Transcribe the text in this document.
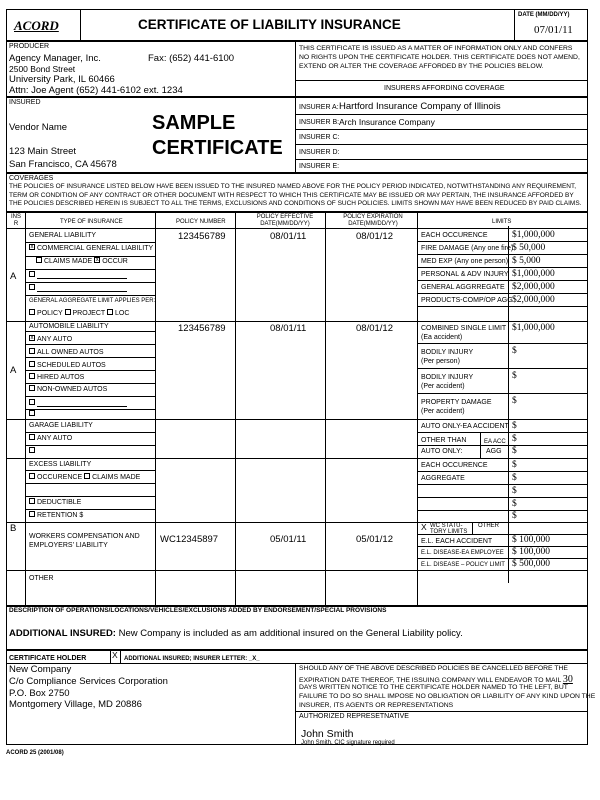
ACORD	CERTIFICATE OF LIABILITY INSURANCE
DATE (MM/DD/YY)
07/01/11
PRODUCER
Agency Manager, Inc.	Fax: (652) 441-6100
2500 Bond Street
University Park, IL 60466
Attn: Joe Agent (652) 441-6102 ext. 1234
THIS CERTIFICATE IS ISSUED AS A MATTER OF INFORMATION ONLY AND CONFERS NO RIGHTS UPON THE CERTIFICATE HOLDER. THIS CERTIFICATE DOES NOT AMEND, EXTEND OR ALTER THE COVERAGE AFFORDED BY THE POLICIES BELOW.
INSURERS AFFORDING COVERAGE
INSURED
Vendor Name
123 Main Street
San Francisco, CA 45678
SAMPLE
CERTIFICATE
INSURER A: Hartford Insurance Company of Illinois
INSURER B: Arch Insurance Company
INSURER C:
INSURER D:
INSURER E:
COVERAGES
THE POLICIES OF INSURANCE LISTED BELOW HAVE BEEN ISSUED TO THE INSURED NAMED ABOVE FOR THE POLICY PERIOD INDICATED, NOTWITHSTANDING ANY REQUIREMENT, TERM OR CONDITION OF ANY CONTRACT OR OTHER DOCUMENT WITH RESPECT TO WHICH THIS CERTIFICATE MAY BE ISSUED OR MAY PERTAIN, THE INSURANCE AFFORDED BY THE POLICIES DESCRIBED HEREIN IS SUBJECT TO ALL THE TERMS, EXCLUSIONS AND CONDITIONS OF SUCH POLICIES. LIMITS SHOWN MAY HAVE BEEN REDUCED BY PAID CLAIMS.
INS R	TYPE OF INSURANCE	POLICY NUMBER
POLICY EFFECTIVE DATE(MM/DD/YY)
POLICY EXPIRATION DATE(MM/DD/YY)	LIMITS
A
GENERAL LIABILITY
x COMMERCIAL GENERAL LIABILITY
CLAIMS MADE x OCCUR
GENERAL AGGREGATE LIMIT APPLIES PER:
POLICY PROJECT LOC
123456789	08/01/11	08/01/12	EACH OCCURENCE	$1,000,000
FIRE DAMAGE (Any one fire)
$ 50,000
MED EXP (Any one person) $ 5,000
PERSONAL & ADV INJURY $1,000,000
GENERAL AGGRREGATE $2,000,000
PRODUCTS-COMP/OP AGG $2,000,000
A
AUTOMOBILE LIABILITY
x ANY AUTO
ALL OWNED AUTOS
SCHEDULED AUTOS
HIRED AUTOS
NON-OWNED AUTOS
123456789	08/01/11	08/01/12	COMBINED SINGLE LIMIT
(Ea accident)
$1,000,000
BODILY INJURY
(Per person)
$
BODILY INJURY
(Per accident)
$
PROPERTY DAMAGE
(Per accident)
$
GARAGE LIABILITY
ANY AUTO
AUTO ONLY-EA ACCIDENT $
OTHER THAN	EA ACC $
AUTO ONLY:	AGG $
EXCESS LIABILITY
OCCURENCE CLAIMS MADE
DEDUCTIBLE
RETENTION $
EACH OCCURENCE	$
AGGREGATE	$
$
$
$
B
WORKERS COMPENSATION AND
EMPLOYERS' LIABILITY
WC12345897	05/01/11	05/01/12
X WC STATU-
TORY LIMITS
OTHER
E.L. EACH ACCIDENT $ 100,000
E.L. DISEASE-EA EMPLOYEE $ 100,000
E.L. DISEASE – POLICY LIMIT $ 500,000
OTHER
DESCRIPTION OF OPERATIONS/LOCATIONS/VEHICLES/EXCLUSIONS ADDED BY ENDORSEMENT/SPECIAL PROVISIONS
ADDITIONAL INSURED: New Company is included as am additional insured on the General Liability policy.
CERTIFICATE HOLDER	X ADDITIONAL INSURED; INSURER LETTER: _X_
New Company
C/o Compliance Services Corporation
P.O. Box 2750
Montgomery Village, MD 20886
SHOULD ANY OF THE ABOVE DESCRIBED POLICIES BE CANCELLED BEFORE THE
EXPIRATION DATE THEREOF, THE ISSUING COMPANY WILL ENDEAVOR TO MAIL 30
DAYS WRITTEN NOTICE TO THE CERTIFICATE HOLDER NAMED TO THE LEFT, BUT
FAILURE TO DO SO SHALL IMPOSE NO OBLIGATION OR LIABILITY OF ANY KIND UPON THE
INSURER, ITS AGENTS OR REPRESENTATIONS
AUTHORIZED REPRESETNATIVE
John Smith
John Smith, CIC signature required
ACORD 25 (2001/08)
